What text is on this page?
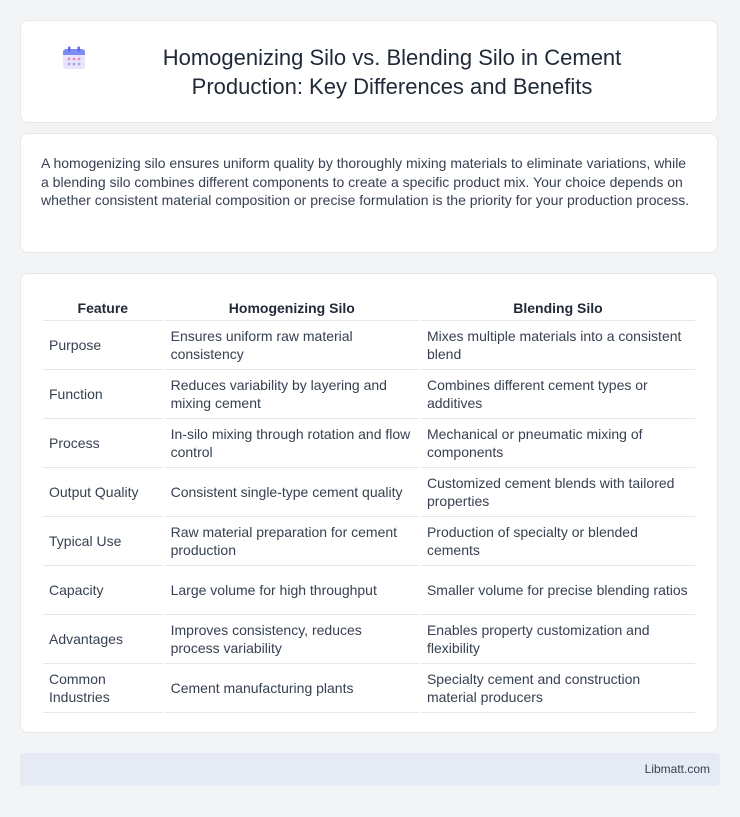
Homogenizing Silo vs. Blending Silo in Cement Production: Key Differences and Benefits

A homogenizing silo ensures uniform quality by thoroughly mixing materials to eliminate variations, while a blending silo combines different components to create a specific product mix. Your choice depends on whether consistent material composition or precise formulation is the priority for your production process.

Feature	Homogenizing Silo	Blending Silo
Purpose	Ensures uniform raw material consistency	Mixes multiple materials into a consistent blend
Function	Reduces variability by layering and mixing cement	Combines different cement types or additives
Process	In-silo mixing through rotation and flow control	Mechanical or pneumatic mixing of components
Output Quality	Consistent single-type cement quality	Customized cement blends with tailored properties
Typical Use	Raw material preparation for cement production	Production of specialty or blended cements
Capacity	Large volume for high throughput	Smaller volume for precise blending ratios
Advantages	Improves consistency, reduces process variability	Enables property customization and flexibility
Common Industries	Cement manufacturing plants	Specialty cement and construction material producers
Libmatt.com
